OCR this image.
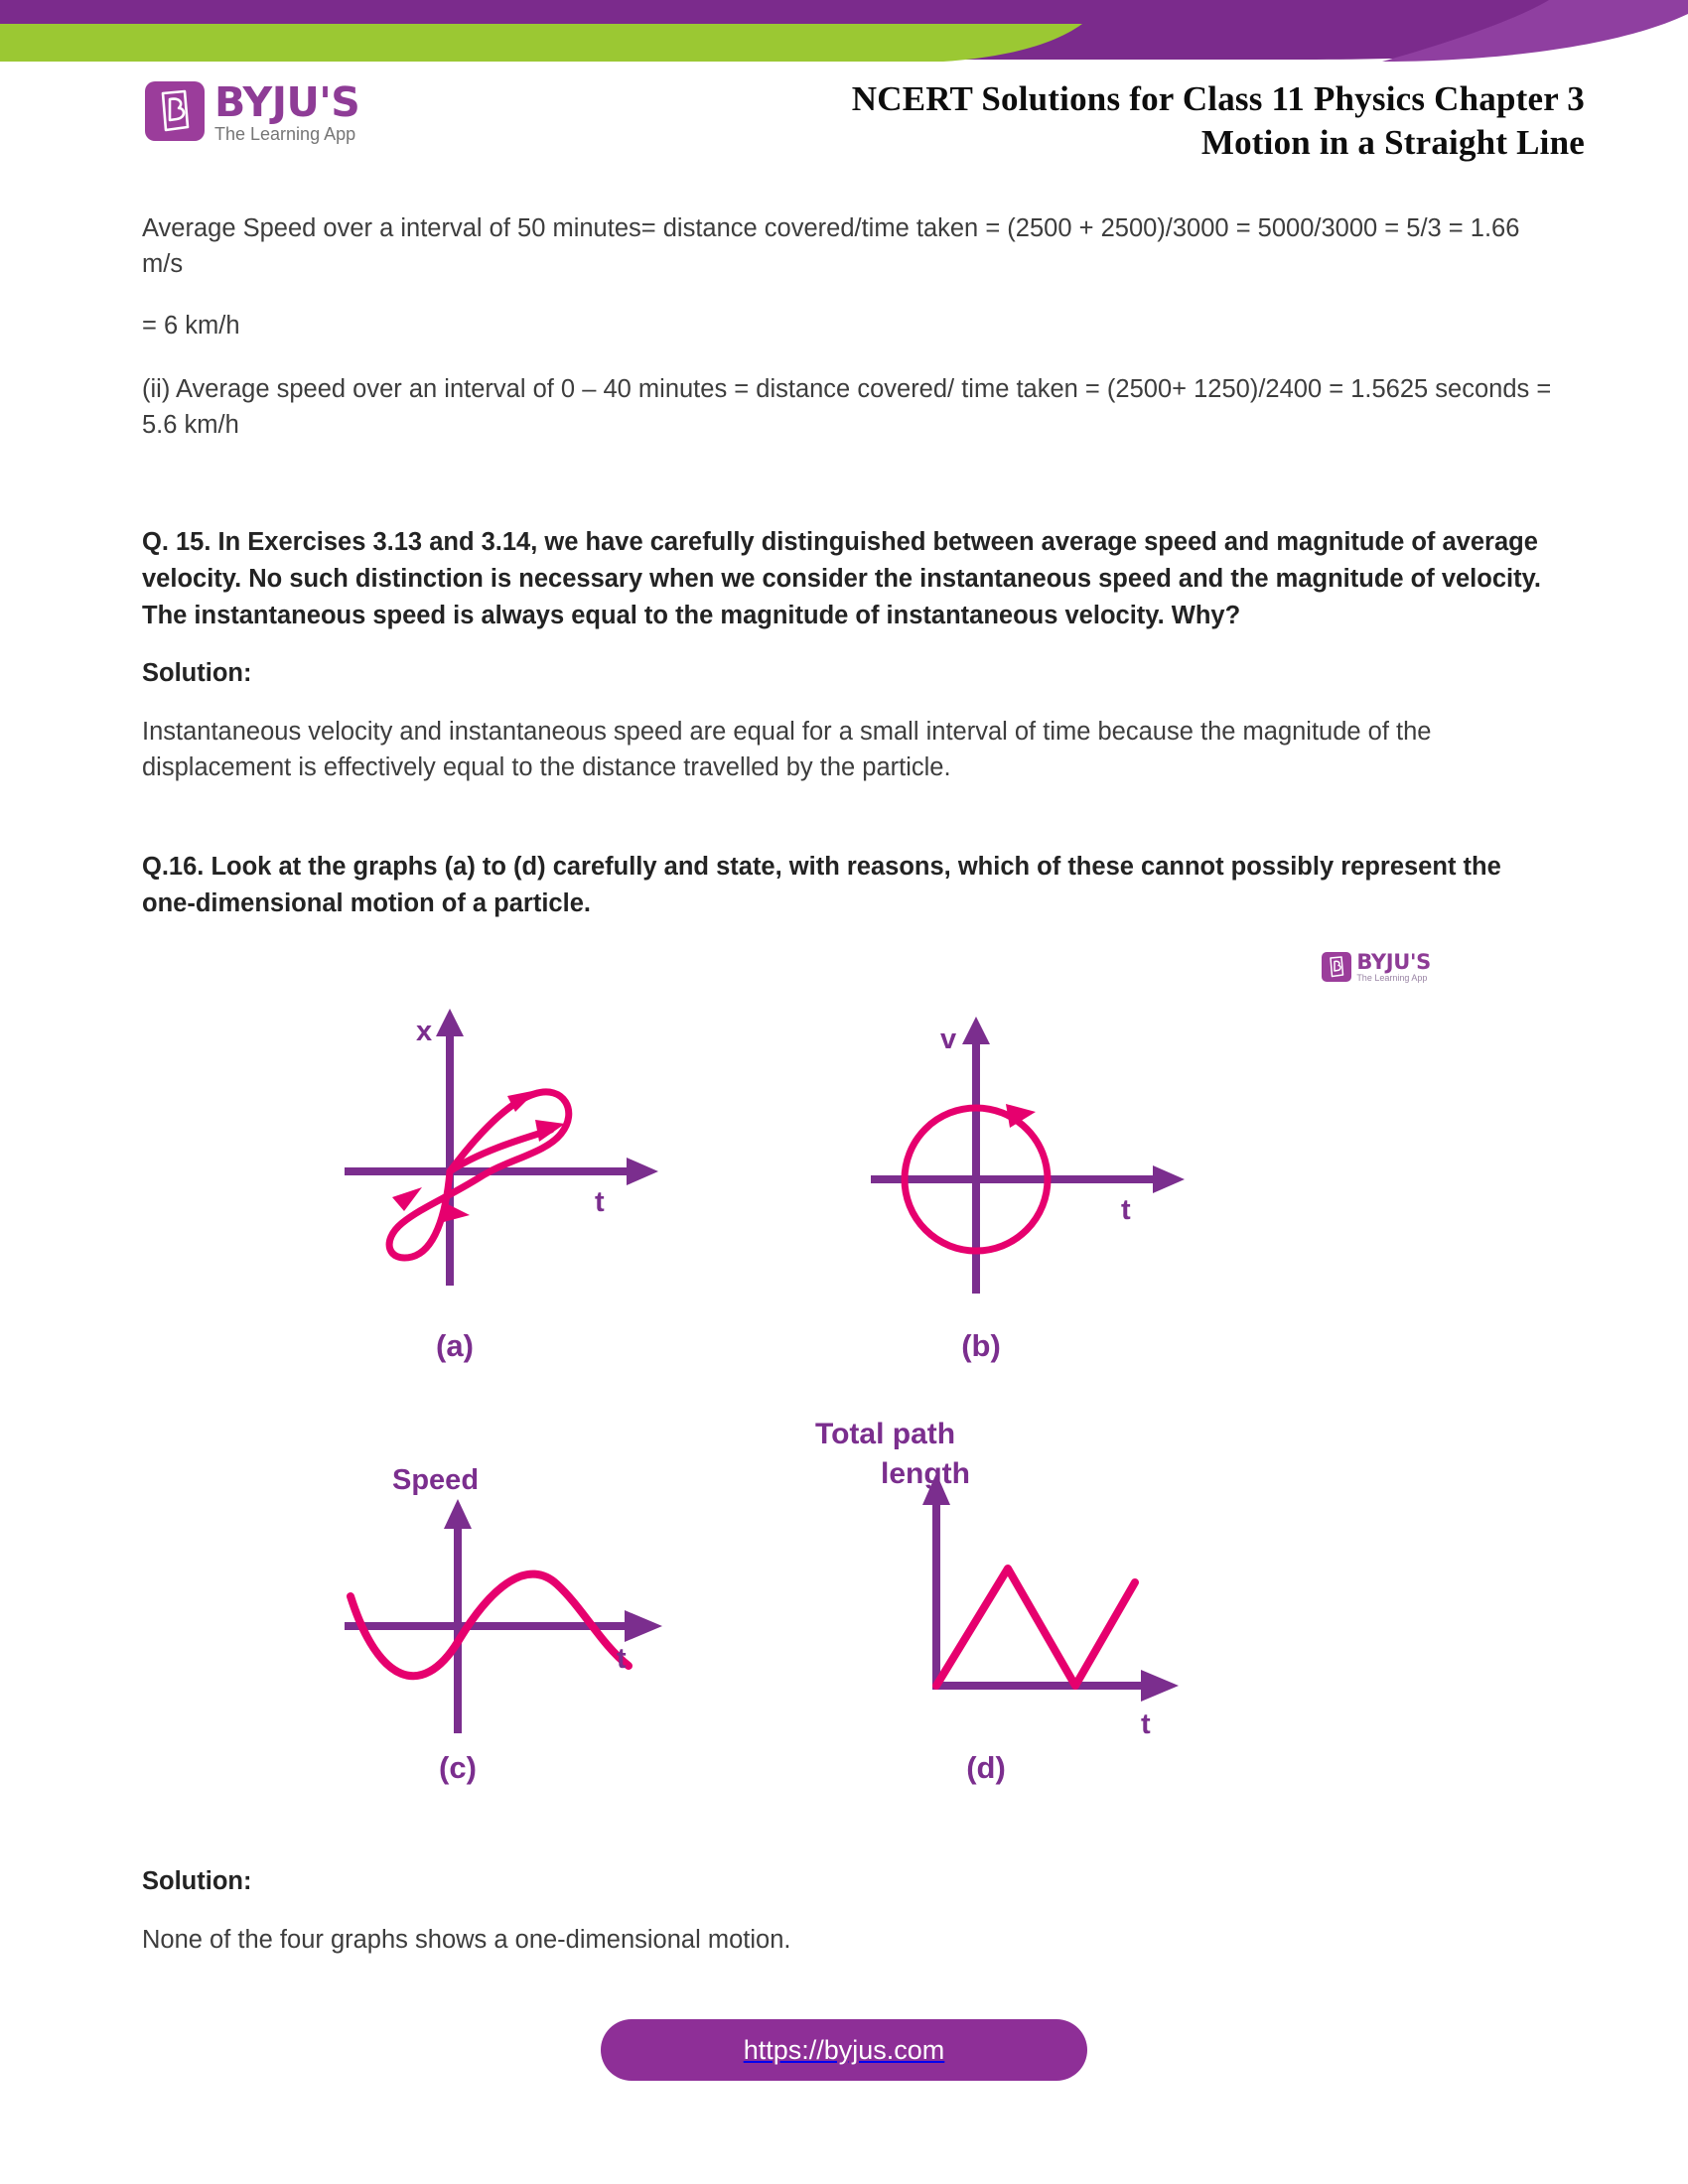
BYJU'S
The Learning App
NCERT Solutions for Class 11 Physics Chapter 3
Motion in a Straight Line

Average Speed over a interval of 50 minutes= distance covered/time taken = (2500 + 2500)/3000 = 5000/3000 = 5/3 = 1.66 m/s

= 6 km/h

(ii) Average speed over an interval of 0 – 40 minutes = distance covered/ time taken = (2500+ 1250)/2400 = 1.5625 seconds = 5.6 km/h

Q. 15. In Exercises 3.13 and 3.14, we have carefully distinguished between average speed and magnitude of average velocity. No such distinction is necessary when we consider the instantaneous speed and the magnitude of velocity. The instantaneous speed is always equal to the magnitude of instantaneous velocity. Why?

Solution:

Instantaneous velocity and instantaneous speed are equal for a small interval of time because the magnitude of the displacement is effectively equal to the distance travelled by the particle.

Q.16. Look at the graphs (a) to (d) carefully and state, with reasons, which of these cannot possibly represent the one-dimensional motion of a particle.

BYJU'S
The Learning App
x
t
(a)
v
t
(b)
Speed
t
(c)
Total path
length
t
(d)

Solution:

None of the four graphs shows a one-dimensional motion.

https://byjus.com
